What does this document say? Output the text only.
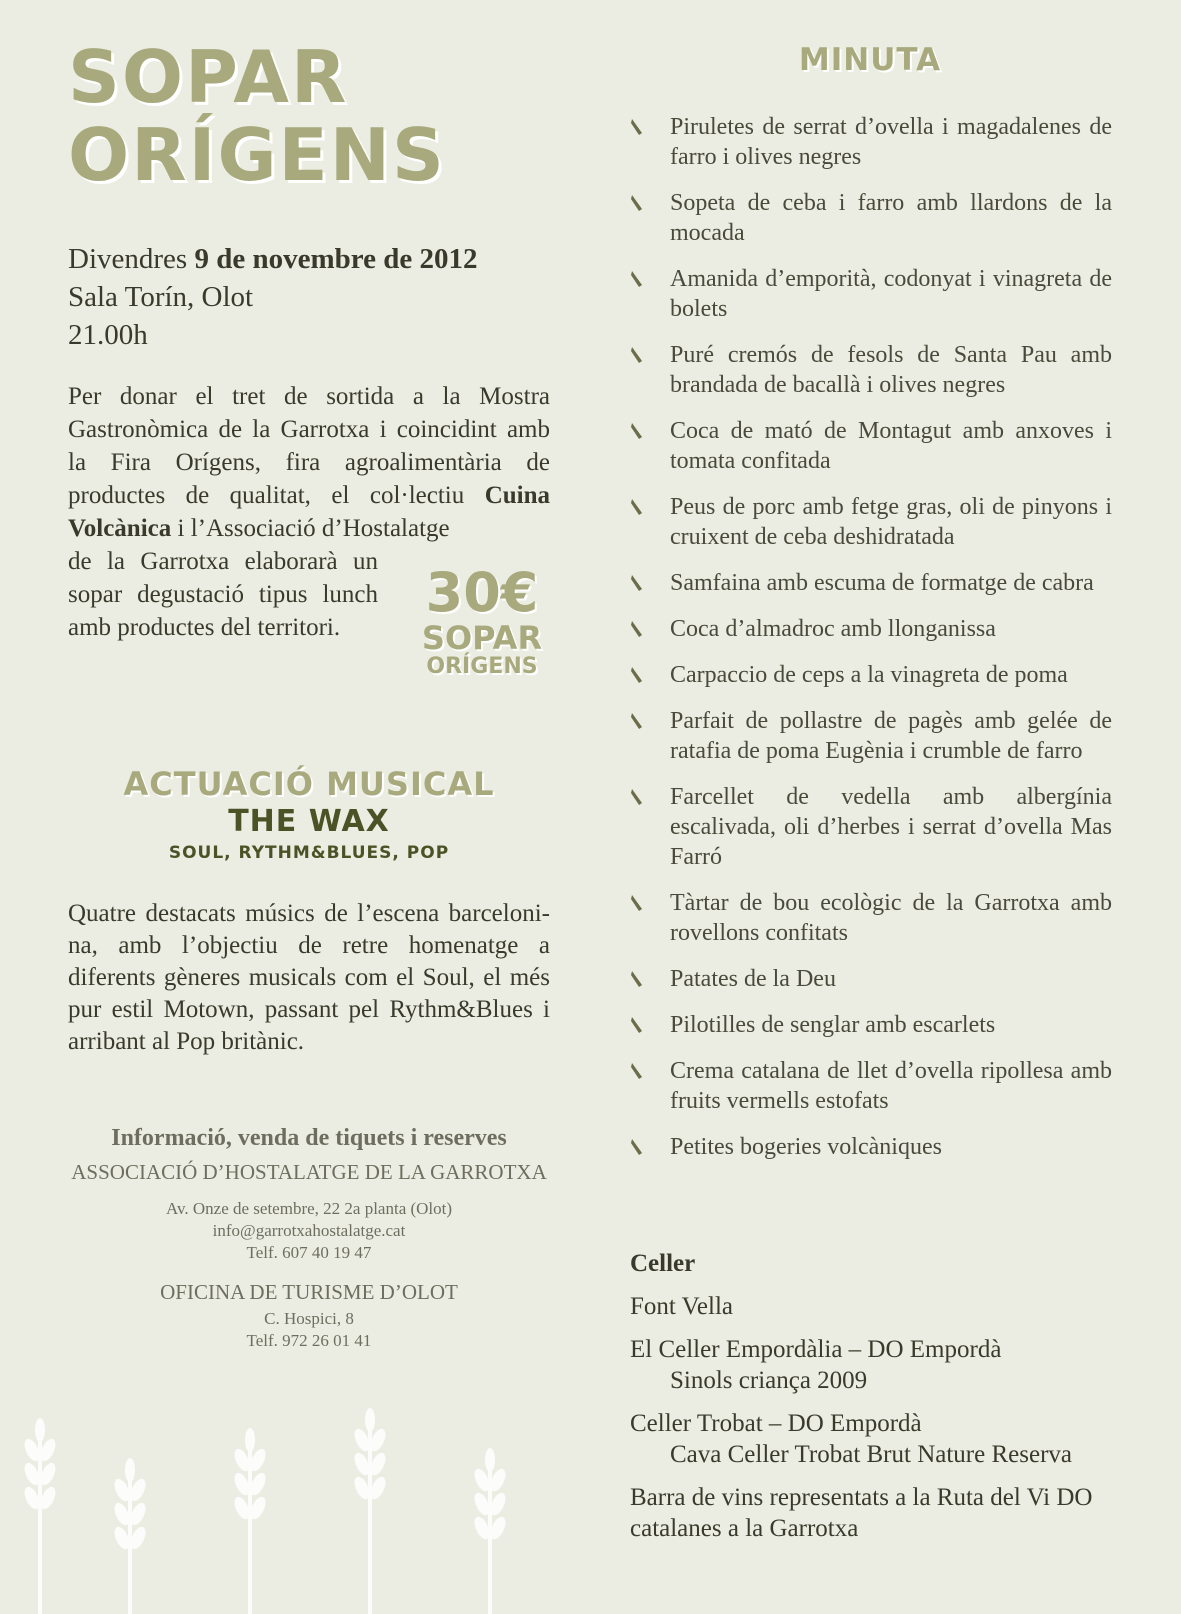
SOPAR
ORÍGENS
Divendres 9 de novembre de 2012
Sala Torín, Olot
21.00h
Per donar el tret de sortida a la Mostra Gastronòmica de la Garrotxa i coincidint amb la Fira Orígens, fira agroalimentària de productes de qualitat, el col·lectiu Cuina Volcànica i l’Associació d’Hostalatge
de la Garrotxa elaborarà un sopar degustació tipus lunch amb productes del territori.
30€
SOPAR
ORÍGENS
ACTUACIÓ MUSICAL
THE WAX
SOUL, RYTHM&BLUES, POP
Quatre destacats músics de l’escena barceloni-na, amb l’objectiu de retre homenatge a diferents gèneres musicals com el Soul, el més pur estil Motown, passant pel Rythm&Blues i arribant al Pop britànic.
Informació, venda de tiquets i reserves
ASSOCIACIÓ D’HOSTALATGE DE LA GARROTXA
Av. Onze de setembre, 22 2a planta (Olot)
info@garrotxahostalatge.cat
Telf. 607 40 19 47
OFICINA DE TURISME D’OLOT
C. Hospici, 8
Telf. 972 26 01 41
MINUTA
Piruletes de serrat d’ovella i magadalenes de farro i olives negres
Sopeta de ceba i farro amb llardons de la mocada
Amanida d’emporità, codonyat i vinagreta de bolets
Puré cremós de fesols de Santa Pau amb brandada de bacallà i olives negres
Coca de mató de Montagut amb anxoves i tomata confitada
Peus de porc amb fetge gras, oli de pinyons i cruixent de ceba deshidratada
Samfaina amb escuma de formatge de cabra
Coca d’almadroc amb llonganissa
Carpaccio de ceps a la vinagreta de poma
Parfait de pollastre de pagès amb gelée de ratafia de poma Eugènia i crumble de farro
Farcellet de vedella amb albergínia escalivada, oli d’herbes i serrat d’ovella Mas Farró
Tàrtar de bou ecològic de la Garrotxa amb rovellons confitats
Patates de la Deu
Pilotilles de senglar amb escarlets
Crema catalana de llet d’ovella ripollesa amb fruits vermells estofats
Petites bogeries volcàniques
Celler
Font Vella
El Celler Empordàlia – DO Empordà
Sinols criança 2009
Celler Trobat – DO Empordà
Cava Celler Trobat Brut Nature Reserva
Barra de vins representats a la Ruta del Vi DO catalanes a la Garrotxa
